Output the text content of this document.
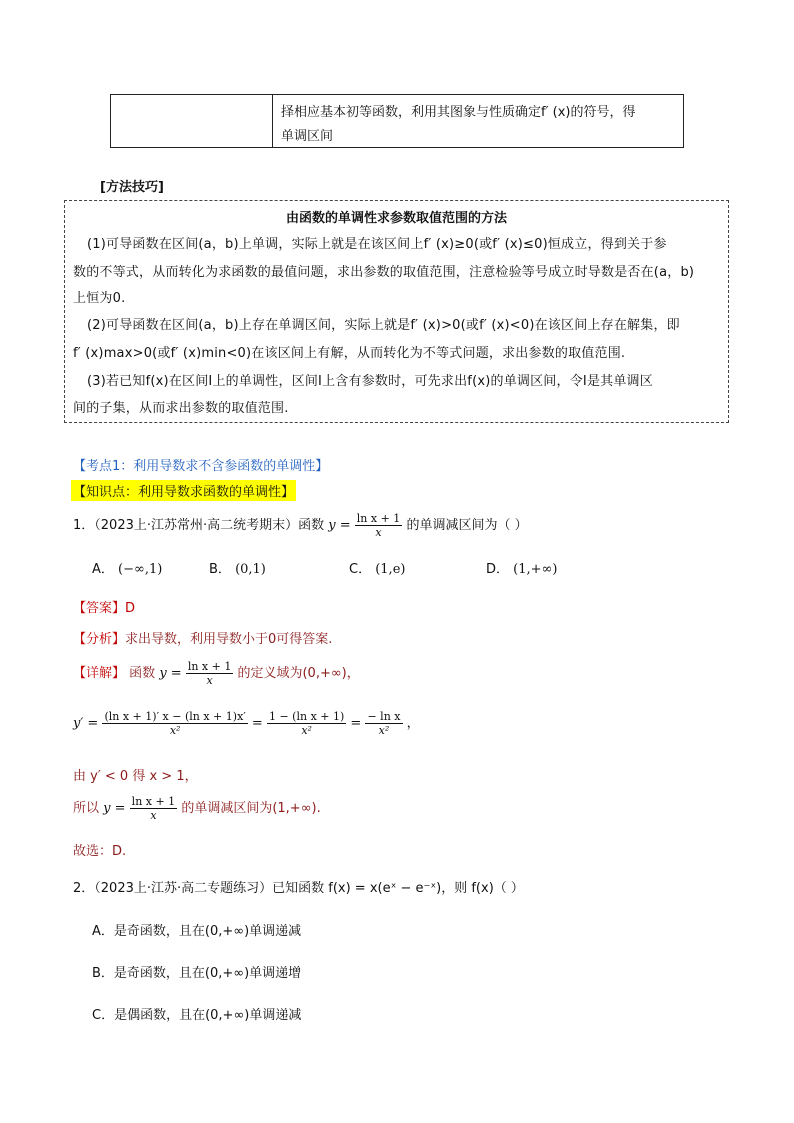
择相应基本初等函数，利用其图象与性质确定f′ (x)的符号，得
单调区间
[方法技巧]
由函数的单调性求参数取值范围的方法
(1)可导函数在区间(a，b)上单调，实际上就是在该区间上f′ (x)≥0(或f′ (x)≤0)恒成立，得到关于参
数的不等式，从而转化为求函数的最值问题，求出参数的取值范围，注意检验等号成立时导数是否在(a，b)
上恒为0.
(2)可导函数在区间(a，b)上存在单调区间，实际上就是f′ (x)>0(或f′ (x)<0)在该区间上存在解集，即
f′ (x)max>0(或f′ (x)min<0)在该区间上有解，从而转化为不等式问题，求出参数的取值范围.
(3)若已知f(x)在区间I上的单调性，区间I上含有参数时，可先求出f(x)的单调区间，令I是其单调区
间的子集，从而求出参数的取值范围.
【考点1：利用导数求不含参函数的单调性】
【知识点：利用导数求函数的单调性】
1．（2023上·江苏常州·高二统考期末）函数 $y = \frac{\text{ln x + 1}}{x}$ 的单调减区间为（ ）
A． (−∞,1)	B． (0,1)	C． (1,e)	D． (1,+∞)
【答案】D
【分析】求出导数，利用导数小于0可得答案.
【详解】 函数 $y = \frac{\text{ln x + 1}}{x}$ 的定义域为(0,+∞)，
$y' = \frac{\text{(ln x + 1)′ x − (ln x + 1)x′}}{\text{x²}} = \frac{\text{1 − (ln x + 1)}}{\text{x²}} = \frac{\text{− ln x}}{\text{x²}}$ ，
由 y′ < 0 得 x > 1，
所以 $y = \frac{\text{ln x + 1}}{x}$ 的单调减区间为(1,+∞).
故选：D.
2．（2023上·江苏·高二专题练习）已知函数 f(x) = x(eˣ − e⁻ˣ)，则 f(x)（ ）
A．是奇函数，且在(0,+∞)单调递减
B．是奇函数，且在(0,+∞)单调递增
C．是偶函数，且在(0,+∞)单调递减
